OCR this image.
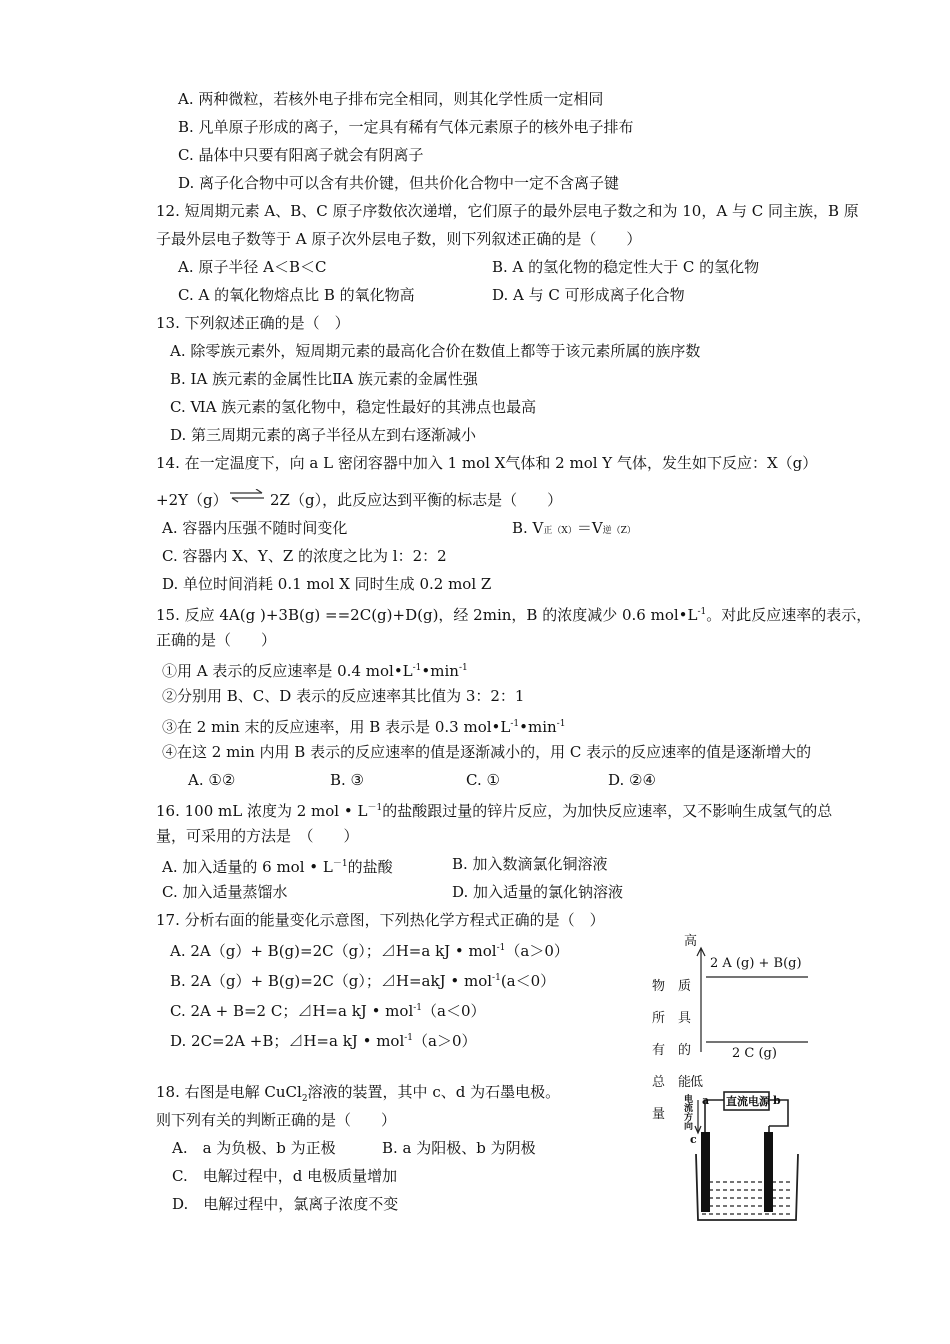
A. 两种微粒，若核外电子排布完全相同，则其化学性质一定相同
B. 凡单原子形成的离子，一定具有稀有气体元素原子的核外电子排布
C. 晶体中只要有阳离子就会有阴离子
D. 离子化合物中可以含有共价键，但共价化合物中一定不含离子键
12. 短周期元素 A、B、C 原子序数依次递增，它们原子的最外层电子数之和为 10，A 与 C 同主族，B 原
子最外层电子数等于 A 原子次外层电子数，则下列叙述正确的是（　　）
A. 原子半径 A＜B＜C	B. A 的氢化物的稳定性大于 C 的氢化物
C. A 的氧化物熔点比 B 的氧化物高	D. A 与 C 可形成离子化合物
13. 下列叙述正确的是（　）
A. 除零族元素外，短周期元素的最高化合价在数值上都等于该元素所属的族序数
B. ⅠA 族元素的金属性比ⅡA 族元素的金属性强
C. ⅥA 族元素的氢化物中，稳定性最好的其沸点也最高
D. 第三周期元素的离子半径从左到右逐渐减小
14. 在一定温度下，向 a L 密闭容器中加入 1 mol X气体和 2 mol Y 气体，发生如下反应：X（g）
+2Y（g） ⇌ 2Z（g），此反应达到平衡的标志是（　　）
A. 容器内压强不随时间变化	B. V正（X）＝V逆（Z）
C. 容器内 X、Y、Z 的浓度之比为 l：2：2
D. 单位时间消耗 0.1 mol X 同时生成 0.2 mol Z
15. 反应 4A(g )+3B(g) ==2C(g)+D(g)，经 2min，B 的浓度减少 0.6 $mol•L^{-1}$。对此反应速率的表示，
正确的是（　　）
①用 A 表示的反应速率是 0.4 $mol•L^{-1}•\min^{-1}$
②分别用 B、C、D 表示的反应速率其比值为 3：2：1
③在 2 min 末的反应速率，用 B 表示是 0.3 $mol•L^{-1}•\min^{-1}$
④在这 2 min 内用 B 表示的反应速率的值是逐渐减小的，用 C 表示的反应速率的值是逐渐增大的
A. ①②	B. ③	C. ①	D. ②④
16. 100 mL 浓度为 2 mol • $L^{-1}$的盐酸跟过量的锌片反应，为加快反应速率，又不影响生成氢气的总
量，可采用的方法是　（　　）
A. 加入适量的 6 mol • $L^{-1}$的盐酸	B. 加入数滴氯化铜溶液
C. 加入适量蒸馏水	D. 加入适量的氯化钠溶液
17. 分析右面的能量变化示意图，下列热化学方程式正确的是（　）
A. 2A（g）+ B(g)=2C（g）；⊿H=a kJ • mol$^{-1}$（a＞0）
B. 2A（g）+ B(g)=2C（g）；⊿H=akJ • mol$^{-1}$(a＜0）
C. 2A + B=2 C；⊿H=a kJ • mol$^{-1}$（a＜0）
D. 2C=2A +B；⊿H=a kJ • mol$^{-1}$（a＞0）
高
2 A (g) + B(g)
2 C (g)
物　质
所　具
有　的
总　能
低
量
18. 右图是电解 CuCl$_2$溶液的装置，其中 c、d 为石墨电极。
则下列有关的判断正确的是（　　）
A.　a 为负极、b 为正极	B. a 为阳极、b 为阴极
C.　电解过程中，d 电极质量增加
D.　电解过程中，氯离子浓度不变
直流电源
a	b
c
d
电流方向
